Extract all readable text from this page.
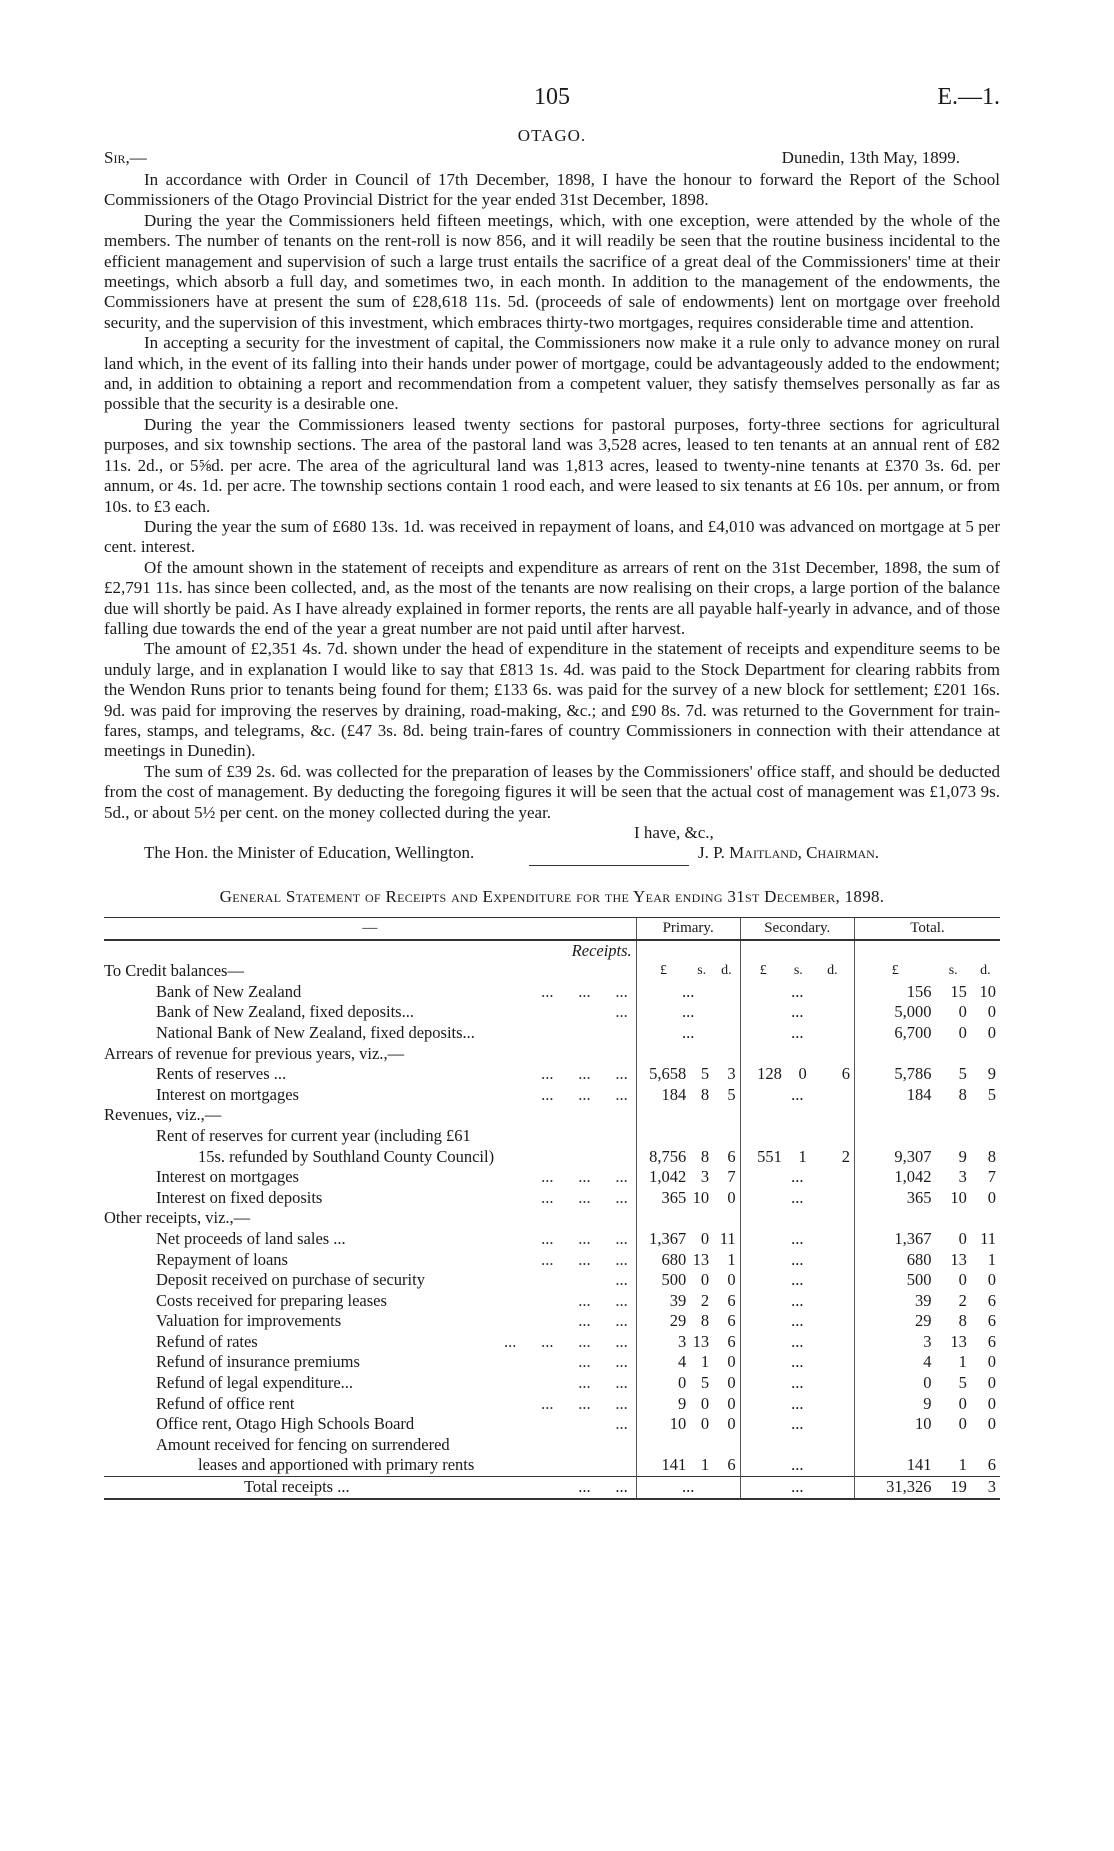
105	E.—1.
OTAGO.
Sir,—	Dunedin, 13th May, 1899.

In accordance with Order in Council of 17th December, 1898, I have the honour to forward the Report of the School Commissioners of the Otago Provincial District for the year ended 31st December, 1898.

During the year the Commissioners held fifteen meetings, which, with one exception, were attended by the whole of the members. The number of tenants on the rent-roll is now 856, and it will readily be seen that the routine business incidental to the efficient management and supervision of such a large trust entails the sacrifice of a great deal of the Commissioners' time at their meetings, which absorb a full day, and sometimes two, in each month. In addition to the management of the endowments, the Commissioners have at present the sum of £28,618 11s. 5d. (proceeds of sale of endowments) lent on mortgage over freehold security, and the supervision of this investment, which embraces thirty-two mortgages, requires considerable time and attention.

In accepting a security for the investment of capital, the Commissioners now make it a rule only to advance money on rural land which, in the event of its falling into their hands under power of mortgage, could be advantageously added to the endowment; and, in addition to obtaining a report and recommendation from a competent valuer, they satisfy themselves personally as far as possible that the security is a desirable one.

During the year the Commissioners leased twenty sections for pastoral purposes, forty-three sections for agricultural purposes, and six township sections. The area of the pastoral land was 3,528 acres, leased to ten tenants at an annual rent of £82 11s. 2d., or 5⅝d. per acre. The area of the agricultural land was 1,813 acres, leased to twenty-nine tenants at £370 3s. 6d. per annum, or 4s. 1d. per acre. The township sections contain 1 rood each, and were leased to six tenants at £6 10s. per annum, or from 10s. to £3 each.

During the year the sum of £680 13s. 1d. was received in repayment of loans, and £4,010 was advanced on mortgage at 5 per cent. interest.

Of the amount shown in the statement of receipts and expenditure as arrears of rent on the 31st December, 1898, the sum of £2,791 11s. has since been collected, and, as the most of the tenants are now realising on their crops, a large portion of the balance due will shortly be paid. As I have already explained in former reports, the rents are all payable half-yearly in advance, and of those falling due towards the end of the year a great number are not paid until after harvest.

The amount of £2,351 4s. 7d. shown under the head of expenditure in the statement of receipts and expenditure seems to be unduly large, and in explanation I would like to say that £813 1s. 4d. was paid to the Stock Department for clearing rabbits from the Wendon Runs prior to tenants being found for them; £133 6s. was paid for the survey of a new block for settlement; £201 16s. 9d. was paid for improving the reserves by draining, road-making, &c.; and £90 8s. 7d. was returned to the Government for train-fares, stamps, and telegrams, &c. (£47 3s. 8d. being train-fares of country Commissioners in connection with their attendance at meetings in Dunedin).

The sum of £39 2s. 6d. was collected for the preparation of leases by the Commissioners' office staff, and should be deducted from the cost of management. By deducting the foregoing figures it will be seen that the actual cost of management was £1,073 9s. 5d., or about 5½ per cent. on the money collected during the year.

I have, &c.,
The Hon. the Minister of Education, Wellington.	J. P. Maitland, Chairman.
General Statement of Receipts and Expenditure for the Year ending 31st December, 1898.
—	Primary.			Secondary.			Total.		
Receipts.									

To Credit balances—	£	s.	d.	£	s.	d.	£	s.	d.

Bank of New Zealand ...      ...      ...	...			...			156	15	10

Bank of New Zealand, fixed deposits... ...	...			...			5,000	0	0

National Bank of New Zealand, fixed deposits...	...			...			6,700	0	0

Arrears of revenue for previous years, viz.,—									

Rents of reserves ... ...      ...      ...	5,658	5	3	128	0	6	5,786	5	9

Interest on mortgages ...      ...      ...	184	8	5	...			184	8	5

Revenues, viz.,—									

Rent of reserves for current year (including £61									

15s. refunded by Southland County Council)	8,756	8	6	551	1	2	9,307	9	8

Interest on mortgages ...      ...      ...	1,042	3	7	...			1,042	3	7

Interest on fixed deposits ...      ...      ...	365	10	0	...			365	10	0

Other receipts, viz.,—									

Net proceeds of land sales ... ...      ...      ...	1,367	0	11	...			1,367	0	11

Repayment of loans ...      ...      ...	680	13	1	...			680	13	1

Deposit received on purchase of security ...	500	0	0	...			500	0	0

Costs received for preparing leases ...      ...	39	2	6	...			39	2	6

Valuation for improvements ...      ...	29	8	6	...			29	8	6

Refund of rates ...      ...      ...      ...	3	13	6	...			3	13	6

Refund of insurance premiums ...      ...	4	1	0	...			4	1	0

Refund of legal expenditure... ...      ...	0	5	0	...			0	5	0

Refund of office rent ...      ...      ...	9	0	0	...			9	0	0

Office rent, Otago High Schools Board ...	10	0	0	...			10	0	0

Amount received for fencing on surrendered									

leases and apportioned with primary rents	141	1	6	...			141	1	6

Total receipts ... ...      ...	...			...			31,326	19	3
